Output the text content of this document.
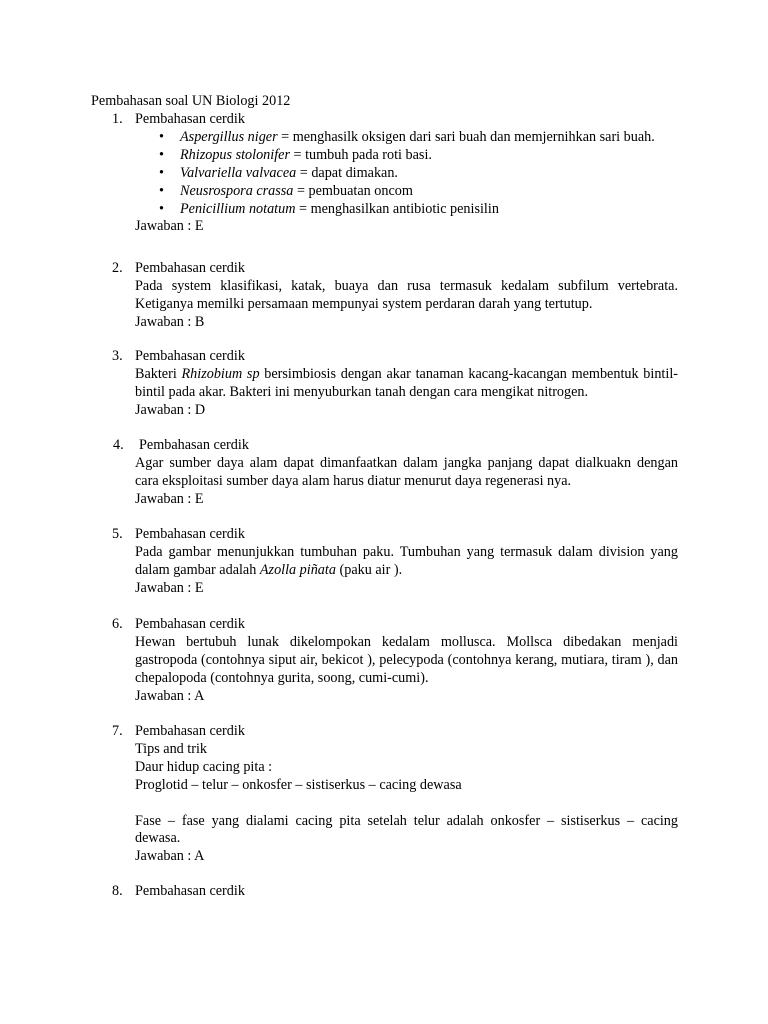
Pembahasan soal UN Biologi 2012
1. Pembahasan cerdik
• Aspergillus niger = menghasilk oksigen dari sari buah dan memjernihkan sari buah.
• Rhizopus stolonifer = tumbuh pada roti basi.
• Valvariella valvacea = dapat dimakan.
• Neusrospora crassa = pembuatan oncom
• Penicillium notatum = menghasilkan antibiotic penisilin
Jawaban : E
2. Pembahasan cerdik
Pada system klasifikasi, katak, buaya dan rusa termasuk kedalam subfilum vertebrata. Ketiganya memilki persamaan mempunyai system perdaran darah yang tertutup.
Jawaban : B
3. Pembahasan cerdik
Bakteri Rhizobium sp bersimbiosis dengan akar tanaman kacang-kacangan membentuk bintil-bintil pada akar. Bakteri ini menyuburkan tanah dengan cara mengikat nitrogen.
Jawaban : D
4.	Pembahasan cerdik
Agar sumber daya alam dapat dimanfaatkan dalam jangka panjang dapat dialkuakn dengan cara eksploitasi sumber daya alam harus diatur menurut daya regenerasi nya.
Jawaban : E
5. Pembahasan cerdik
Pada gambar menunjukkan tumbuhan paku. Tumbuhan yang termasuk dalam division yang dalam gambar adalah Azolla piñata (paku air ).
Jawaban : E
6. Pembahasan cerdik
Hewan bertubuh lunak dikelompokan kedalam mollusca. Mollsca dibedakan menjadi gastropoda (contohnya siput air, bekicot ), pelecypoda (contohnya kerang, mutiara, tiram ), dan chepalopoda (contohnya gurita, soong, cumi-cumi).
Jawaban : A
7. Pembahasan cerdik
Tips and trik
Daur hidup cacing pita :
Proglotid – telur – onkosfer – sistiserkus – cacing dewasa
Fase – fase yang dialami cacing pita setelah telur adalah onkosfer – sistiserkus – cacing dewasa.
Jawaban : A
8. Pembahasan cerdik
